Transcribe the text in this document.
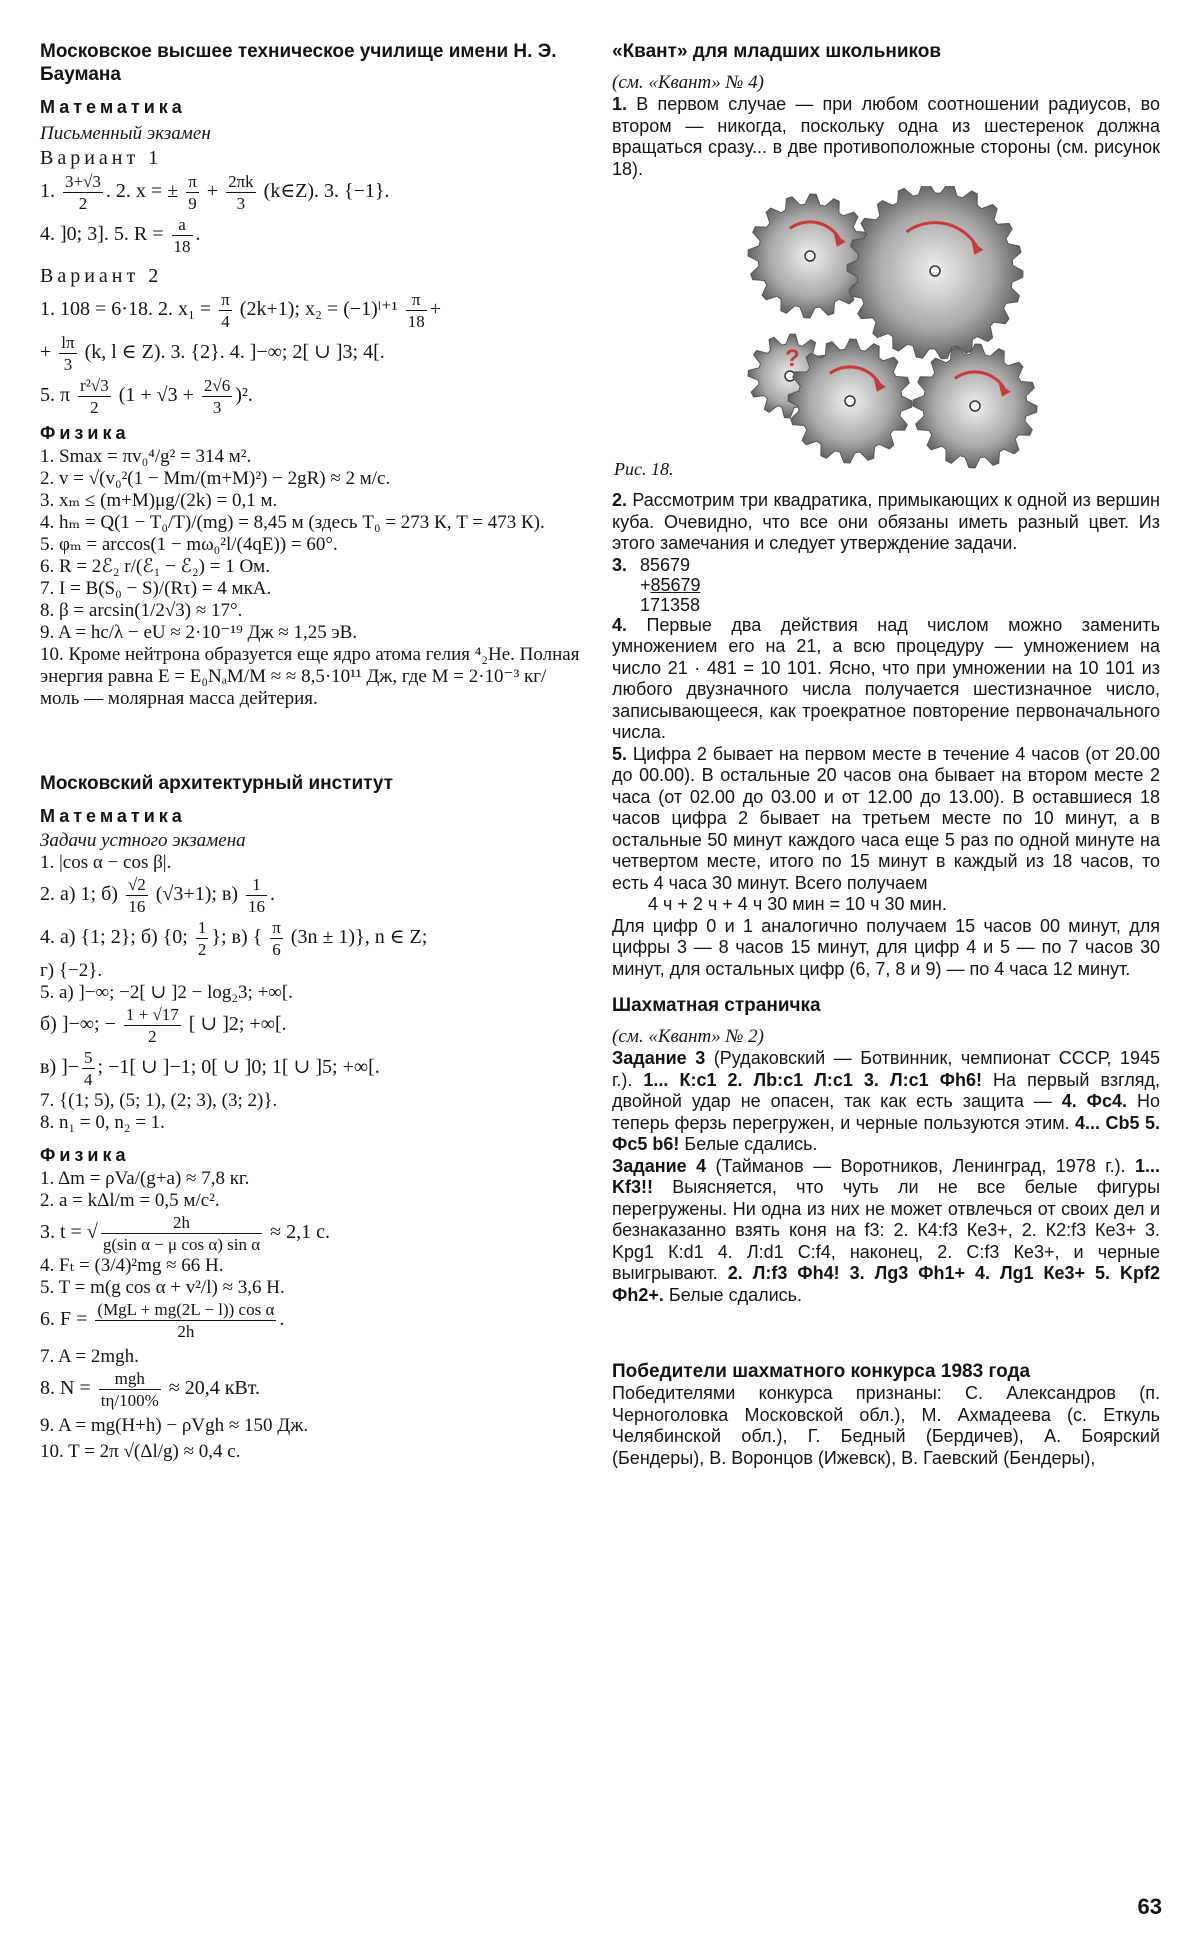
Московское высшее техническое училище имени Н. Э. Баумана

Математика

Письменный экзамен

Вариант 1

1. $\frac{3+√3}{2}$ . 2. x = ± $\frac{\pi}{9} + \frac{2\pi k}{3}$ (k∈Z). 3. {−1}.

4. ]0; 3]. 5. $R = \frac{a}{18}$ .

Вариант 2

1. 108 = 6·18. 2. $x_1 = \frac{\pi}{4} (2k+1)$; x₂ = (−1)ˡ⁺¹ $\frac{\pi}{18}$ +

+ $\frac{l\pi}{3} (k$, l ∈ Z). 3. {2}. 4. ]−∞; 2[ ∪ ]3; 4[.

5. π $\frac{\text{r²√3}}{2} (1 + √3 + \frac{2√6}{3} )^2$.

Физика

1. Smax = πv₀⁴/g² = 314 м².

2. v = √(v₀²(1 − Mm/(m+M)²) − 2gR) ≈ 2 м/с.

3. xₘ ≤ (m+M)μg/(2k) = 0,1 м.

4. hₘ = Q(1 − T₀/T)/(mg) = 8,45 м (здесь T₀ = 273 К, T = 473 К).

5. φₘ = arccos(1 − mω₀²l/(4qE)) = 60°.

6. R = 2ℰ₂ r/(ℰ₁ − ℰ₂) = 1 Ом.

7. I = B(S₀ − S)/(Rτ) = 4 мкА.

8. β = arcsin(1/2√3) ≈ 17°.

9. A = hc/λ − eU ≈ 2·10⁻¹⁹ Дж ≈ 1,25 эВ.

10. Кроме нейтрона образуется еще ядро атома гелия ⁴₂He. Полная энергия равна E = E₀NₐM/M ≈ ≈ 8,5·10¹¹ Дж, где M = 2·10⁻³ кг/моль — молярная масса дейтерия.

Московский архитектурный институт

Математика

Задачи устного экзамена

1. |cos α − cos β|.

2. а) 1; $б) \frac{√2}{16} (√3+1)$; $в) \frac{1}{16}$ .

4. а) {1; 2}; б) {0; $\frac{1}{2}$ }; в) { $\frac{\pi}{6} (3n \pm 1)$}, n ∈ Z;

г) {−2}.

5. а) ]−∞; −2[ ∪ ]2 − log₂3; +∞[.

б) ]−∞; − $\frac{1 + √17}{2}$ [ ∪ ]2; +∞[.

в) ]− $\frac{5}{4}$ ; −1[ ∪ ]−1; 0[ ∪ ]0; 1[ ∪ ]5; +∞[.

7. {(1; 5), (5; 1), (2; 3), (3; 2)}.

8. n₁ = 0, n₂ = 1.

Физика

1. Δm = ρVa/(g+a) ≈ 7,8 кг.

2. a = kΔl/m = 0,5 м/с².

3. t = √ $\frac{2h}{\text{g(sin α − μ cos α) sin α}} \approx 2,1$ с.

4. Fₜ = (3/4)²mg ≈ 66 Н.

5. T = m(g cos α + v²/l) ≈ 3,6 Н.

6. $F = \frac{\text{(MgL + mg(2L − l)) cos α}}{2h}$ .

7. A = 2mgh.

8. $N = \frac{\text{mgh}}{t\eta/100\%} \approx 20,4$ кВт.

9. A = mg(H+h) − ρVgh ≈ 150 Дж.

10. T = 2π √(Δl/g) ≈ 0,4 с.

«Квант» для младших школьников

(см. «Квант» № 4)

1. В первом случае — при любом соотношении радиусов, во втором — никогда, поскольку одна из шестеренок должна вращаться сразу... в две противоположные стороны (см. рисунок 18).

?
Рис. 18.

2. Рассмотрим три квадратика, примыкающих к одной из вершин куба. Очевидно, что все они обязаны иметь разный цвет. Из этого замечания и следует утверждение задачи.

3. 85679
+85679
171358

4. Первые два действия над числом можно заменить умножением его на 21, а всю процедуру — умножением на число 21 · 481 = 10 101. Ясно, что при умножении на 10 101 из любого двузначного числа получается шестизначное число, записывающееся, как троекратное повторение первоначального числа.

5. Цифра 2 бывает на первом месте в течение 4 часов (от 20.00 до 00.00). В остальные 20 часов она бывает на втором месте 2 часа (от 02.00 до 03.00 и от 12.00 до 13.00). В оставшиеся 18 часов цифра 2 бывает на третьем месте по 10 минут, а в остальные 50 минут каждого часа еще 5 раз по одной минуте на четвертом месте, итого по 15 минут в каждый из 18 часов, то есть 4 часа 30 минут. Всего получаем

4 ч + 2 ч + 4 ч 30 мин = 10 ч 30 мин.

Для цифр 0 и 1 аналогично получаем 15 часов 00 минут, для цифры 3 — 8 часов 15 минут, для цифр 4 и 5 — по 7 часов 30 минут, для остальных цифр (6, 7, 8 и 9) — по 4 часа 12 минут.

Шахматная страничка

(см. «Квант» № 2)

Задание 3 (Рудаковский — Ботвинник, чемпионат СССР, 1945 г.). 1... К:c1 2. Лb:c1 Л:c1 3. Л:c1 Фh6! На первый взгляд, двойной удар не опасен, так как есть защита — 4. Фc4. Но теперь ферзь перегружен, и черные пользуются этим. 4... Сb5 5. Фc5 b6! Белые сдались.

Задание 4 (Тайманов — Воротников, Ленинград, 1978 г.). 1... Kf3!! Выясняется, что чуть ли не все белые фигуры перегружены. Ни одна из них не может отвлечься от своих дел и безнаказанно взять коня на f3: 2. К4:f3 Ке3+, 2. К2:f3 Ке3+ 3. Kpg1 К:d1 4. Л:d1 С:f4, наконец, 2. С:f3 Ке3+, и черные выигрывают. 2. Л:f3 Фh4! 3. Лg3 Фh1+ 4. Лg1 Ке3+ 5. Kpf2 Фh2+. Белые сдались.

Победители шахматного конкурса 1983 года

Победителями конкурса признаны: С. Александров (п. Черноголовка Московской обл.), М. Ахмадеева (с. Еткуль Челябинской обл.), Г. Бедный (Бердичев), А. Боярский (Бендеры), В. Воронцов (Ижевск), В. Гаевский (Бендеры),

63
